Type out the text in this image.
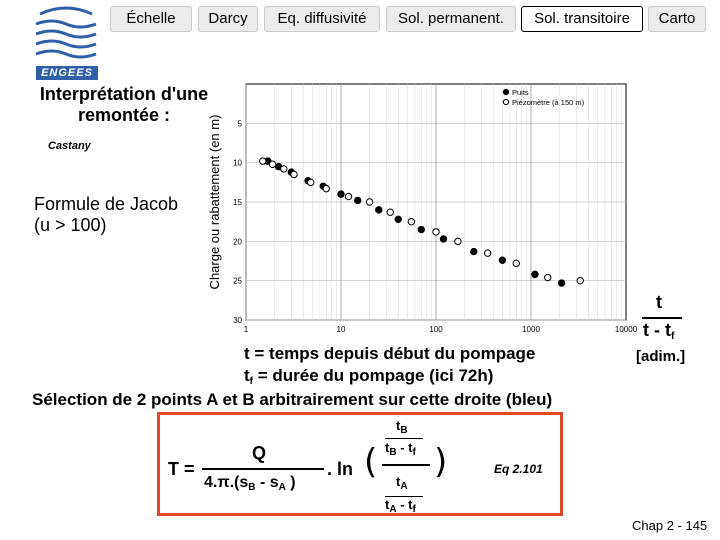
ENGEES
Échelle	Darcy	Eq. diffusivité	Sol. permanent.	Sol. transitoire	Carto
Interprétation d'une remontée :
Castany
Formule de Jacob (u > 100)	Charge ou rabattement (en m) 5
10
15
20
25
30
1	10	100	1000	10000
Puits
Piézomètre (à 150 m)
t
t - $t_f$
[adim.]
t = temps depuis début du pompage
$t_f$ = durée du pompage (ici 72h)
Sélection de 2 points A et B arbitrairement sur cette droite (bleu)
T =
Q
$4.\pi.(s_B - s_A$ )
. ln ( )
$t_B$
$t_B - t_f$
$t_A$
$t_A - t_f$
Eq 2.101
Chap 2 - 145
